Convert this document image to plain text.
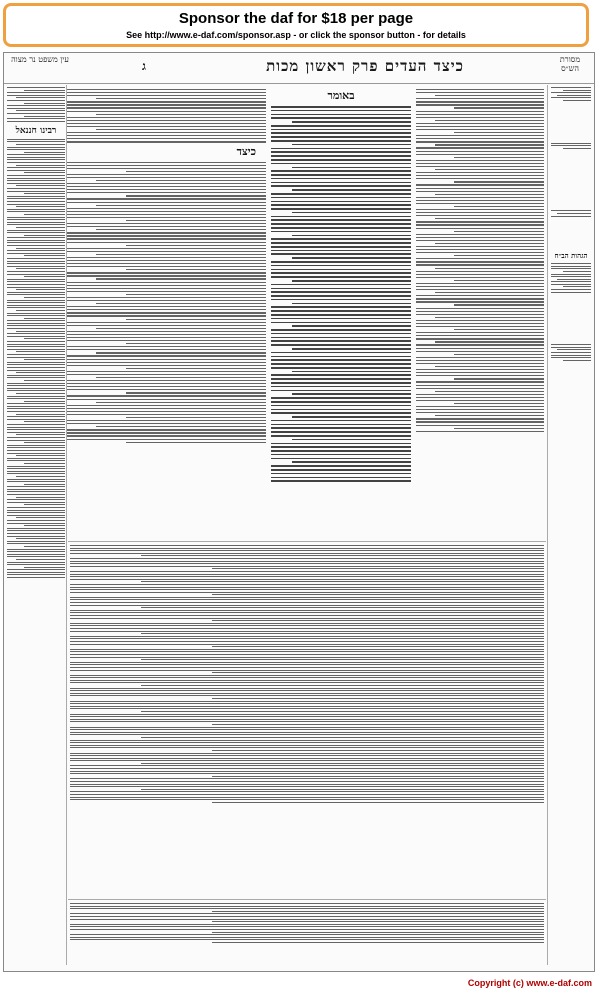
Sponsor the daf for $18 per page
See http://www.e-daf.com/sponsor.asp - or click the sponsor button - for details
מסורת הש״ס
כיצד העדים פרק ראשון מכות
ג
עין משפט נר מצוה
הגהות הב״ח
באומר
כיצד
רבינו חננאל
Copyright (c) www.e-daf.com
